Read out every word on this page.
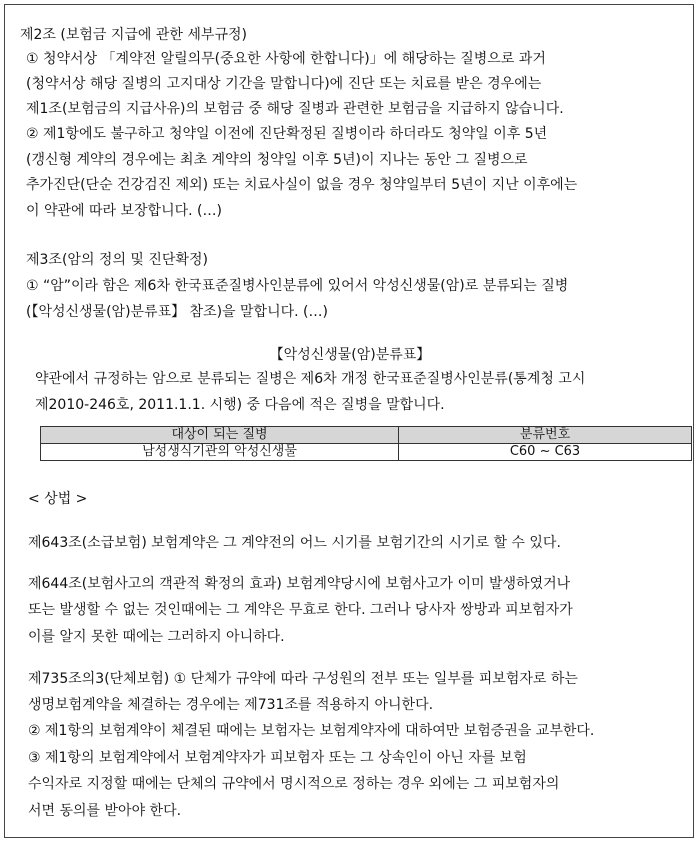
제2조 (보험금 지급에 관한 세부규정)
① 청약서상 「계약전 알릴의무(중요한 사항에 한합니다)」에 해당하는 질병으로 과거
(청약서상 해당 질병의 고지대상 기간을 말합니다)에 진단 또는 치료를 받은 경우에는
제1조(보험금의 지급사유)의 보험금 중 해당 질병과 관련한 보험금을 지급하지 않습니다.
② 제1항에도 불구하고 청약일 이전에 진단확정된 질병이라 하더라도 청약일 이후 5년
(갱신형 계약의 경우에는 최초 계약의 청약일 이후 5년)이 지나는 동안 그 질병으로
추가진단(단순 건강검진 제외) 또는 치료사실이 없을 경우 청약일부터 5년이 지난 이후에는
이 약관에 따라 보장합니다. (…)
제3조(암의 정의 및 진단확정)
① “암”이라 함은 제6차 한국표준질병사인분류에 있어서 악성신생물(암)로 분류되는 질병
(【악성신생물(암)분류표】 참조)을 말합니다. (…)
【악성신생물(암)분류표】
약관에서 규정하는 암으로 분류되는 질병은 제6차 개정 한국표준질병사인분류(통계청 고시
제2010-246호, 2011.1.1. 시행) 중 다음에 적은 질병을 말합니다.
대상이 되는 질병	분류번호
남성생식기관의 악성신생물	C60 ~ C63
< 상법 >
제643조(소급보험) 보험계약은 그 계약전의 어느 시기를 보험기간의 시기로 할 수 있다.
제644조(보험사고의 객관적 확정의 효과) 보험계약당시에 보험사고가 이미 발생하였거나
또는 발생할 수 없는 것인때에는 그 계약은 무효로 한다. 그러나 당사자 쌍방과 피보험자가
이를 알지 못한 때에는 그러하지 아니하다.
제735조의3(단체보험) ① 단체가 규약에 따라 구성원의 전부 또는 일부를 피보험자로 하는
생명보험계약을 체결하는 경우에는 제731조를 적용하지 아니한다.
② 제1항의 보험계약이 체결된 때에는 보험자는 보험계약자에 대하여만 보험증권을 교부한다.
③ 제1항의 보험계약에서 보험계약자가 피보험자 또는 그 상속인이 아닌 자를 보험
수익자로 지정할 때에는 단체의 규약에서 명시적으로 정하는 경우 외에는 그 피보험자의
서면 동의를 받아야 한다.
